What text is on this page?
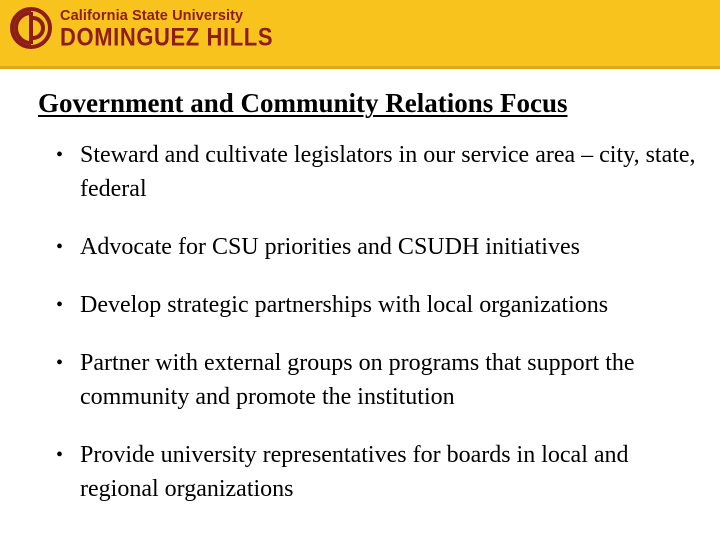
California State University
DOMINGUEZ HILLS
Government and Community Relations Focus
• Steward and cultivate legislators in our service area – city, state, federal
• Advocate for CSU priorities and CSUDH initiatives
• Develop strategic partnerships with local organizations
• Partner with external groups on programs that support the community and promote the institution
• Provide university representatives for boards in local and regional organizations
